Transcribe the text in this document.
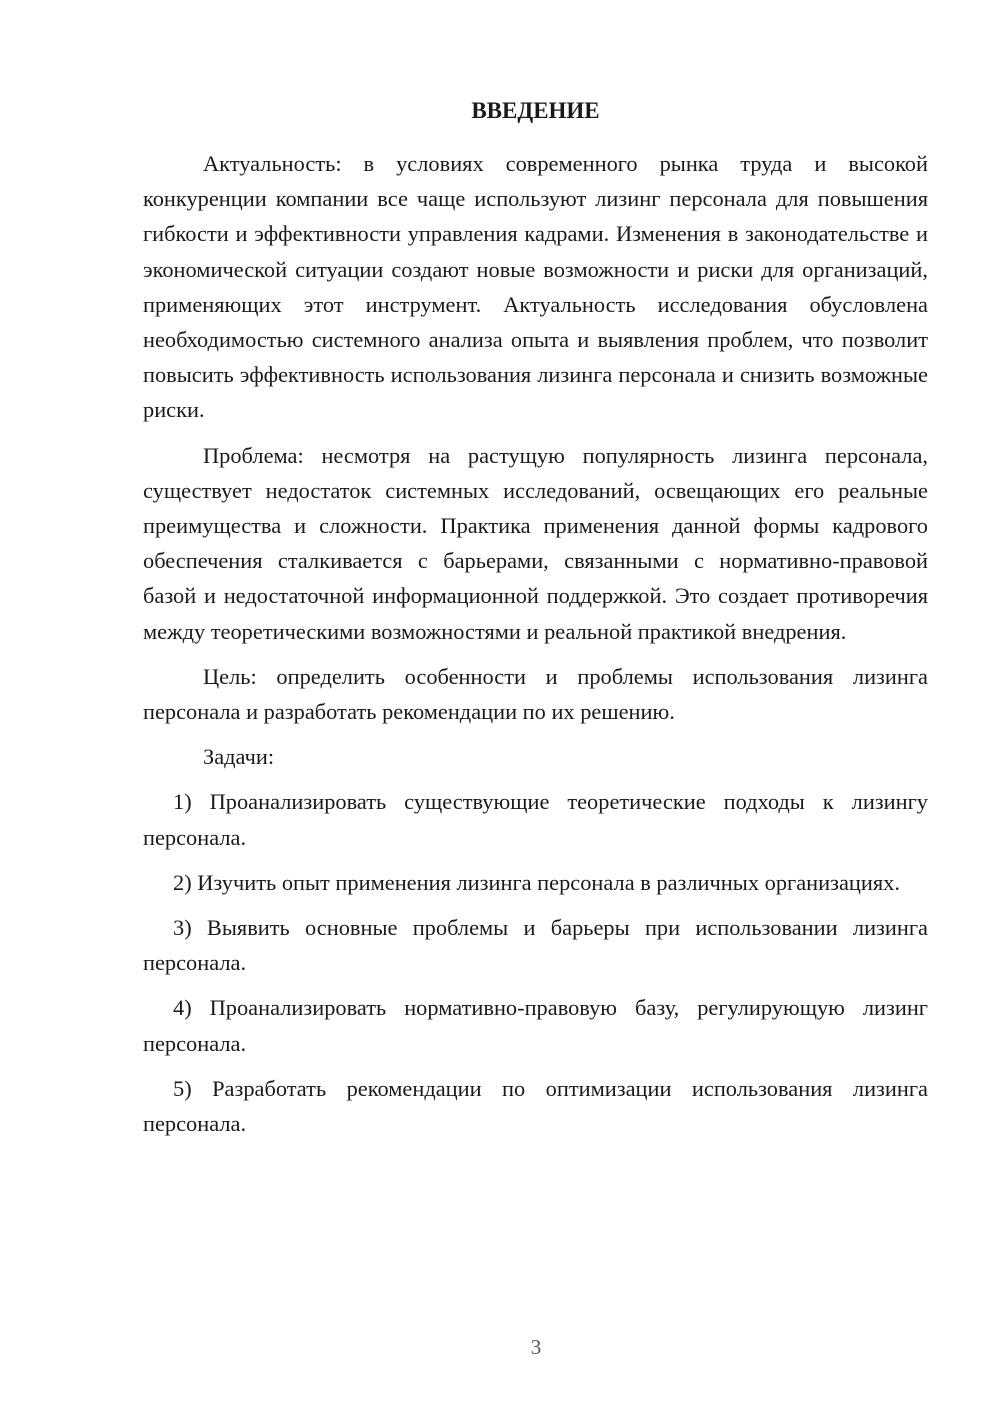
ВВЕДЕНИЕ

Актуальность: в условиях современного рынка труда и высокой конкуренции компании все чаще используют лизинг персонала для повышения гибкости и эффективности управления кадрами. Изменения в законодательстве и экономической ситуации создают новые возможности и риски для организаций, применяющих этот инструмент. Актуальность исследования обусловлена необходимостью системного анализа опыта и выявления проблем, что позволит повысить эффективность использования лизинга персонала и снизить возможные риски.

Проблема: несмотря на растущую популярность лизинга персонала, существует недостаток системных исследований, освещающих его реальные преимущества и сложности. Практика применения данной формы кадрового обеспечения сталкивается с барьерами, связанными с нормативно-правовой базой и недостаточной информационной поддержкой. Это создает противоречия между теоретическими возможностями и реальной практикой внедрения.

Цель: определить особенности и проблемы использования лизинга персонала и разработать рекомендации по их решению.

Задачи:

1) Проанализировать существующие теоретические подходы к лизингу персонала.

2) Изучить опыт применения лизинга персонала в различных организациях.

3) Выявить основные проблемы и барьеры при использовании лизинга персонала.

4) Проанализировать нормативно-правовую базу, регулирующую лизинг персонала.

5) Разработать рекомендации по оптимизации использования лизинга персонала.

3
